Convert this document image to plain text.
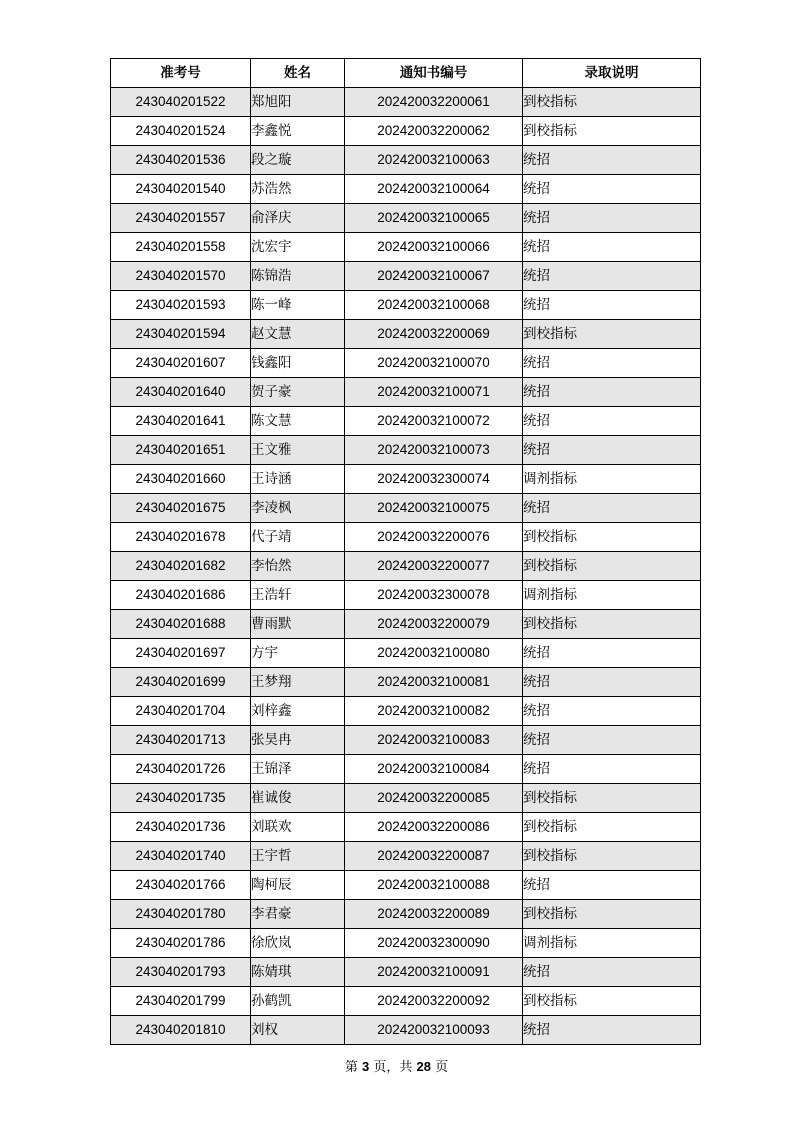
准考号	姓名	通知书编号	录取说明
243040201522	郑旭阳	202420032200061	到校指标
243040201524	李鑫悦	202420032200062	到校指标
243040201536	段之璇	202420032100063	统招
243040201540	苏浩然	202420032100064	统招
243040201557	俞泽庆	202420032100065	统招
243040201558	沈宏宇	202420032100066	统招
243040201570	陈锦浩	202420032100067	统招
243040201593	陈一峰	202420032100068	统招
243040201594	赵文慧	202420032200069	到校指标
243040201607	钱鑫阳	202420032100070	统招
243040201640	贺子豪	202420032100071	统招
243040201641	陈文慧	202420032100072	统招
243040201651	王文雅	202420032100073	统招
243040201660	王诗涵	202420032300074	调剂指标
243040201675	李凌枫	202420032100075	统招
243040201678	代子靖	202420032200076	到校指标
243040201682	李怡然	202420032200077	到校指标
243040201686	王浩轩	202420032300078	调剂指标
243040201688	曹雨默	202420032200079	到校指标
243040201697	方宇	202420032100080	统招
243040201699	王梦翔	202420032100081	统招
243040201704	刘梓鑫	202420032100082	统招
243040201713	张昊冉	202420032100083	统招
243040201726	王锦泽	202420032100084	统招
243040201735	崔诚俊	202420032200085	到校指标
243040201736	刘联欢	202420032200086	到校指标
243040201740	王宇哲	202420032200087	到校指标
243040201766	陶柯辰	202420032100088	统招
243040201780	李君豪	202420032200089	到校指标
243040201786	徐欣岚	202420032300090	调剂指标
243040201793	陈婧琪	202420032100091	统招
243040201799	孙鹤凯	202420032200092	到校指标
243040201810	刘权	202420032100093	统招
第 3 页，共 28 页
